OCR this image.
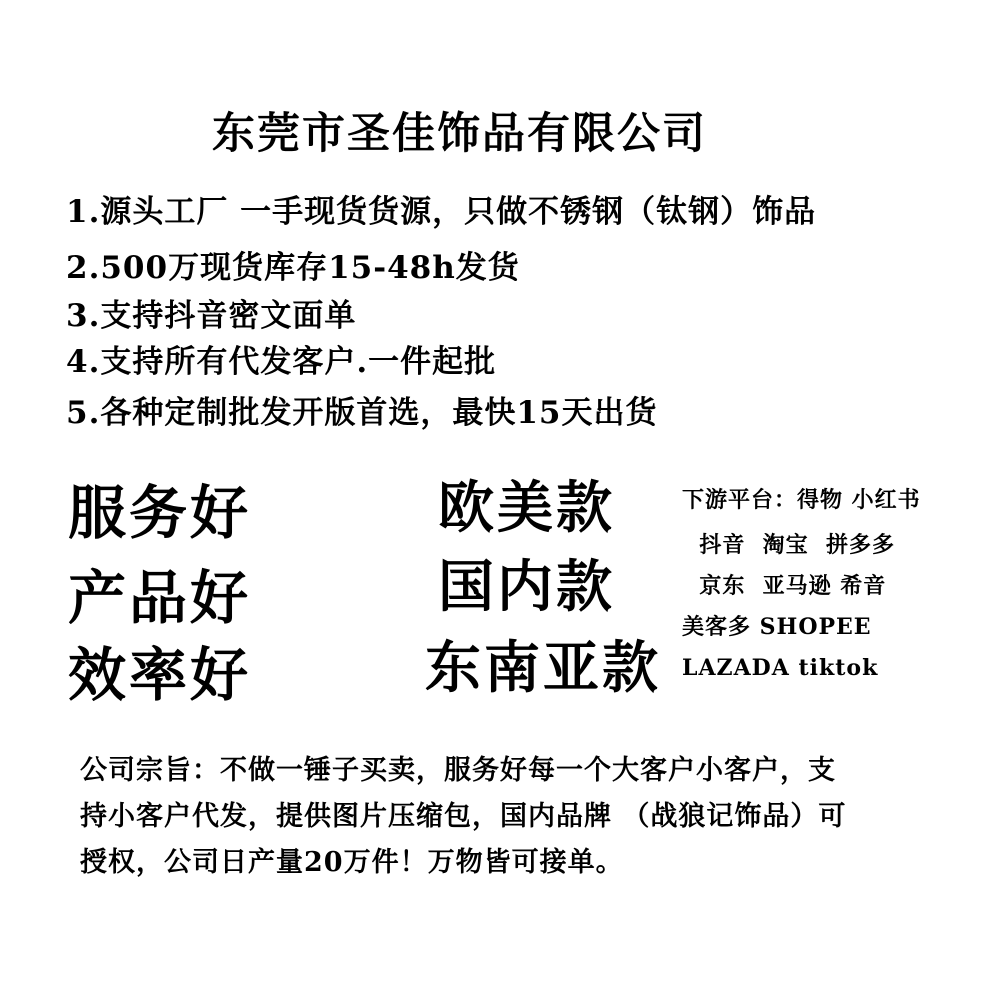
东莞市圣佳饰品有限公司
1.源头工厂 一手现货货源，只做不锈钢（钛钢）饰品
2.500万现货库存15-48h发货
3.支持抖音密文面单
4.支持所有代发客户.一件起批
5.各种定制批发开版首选，最快15天出货
服务好
产品好
效率好
欧美款
国内款
东南亚款
下游平台：得物 小红书
抖音  淘宝  拼多多
京东  亚马逊 希音
美客多 SHOPEE
LAZADA tiktok
公司宗旨：不做一锤子买卖，服务好每一个大客户小客户，支
持小客户代发，提供图片压缩包，国内品牌 （战狼记饰品）可
授权，公司日产量20万件！万物皆可接单。
